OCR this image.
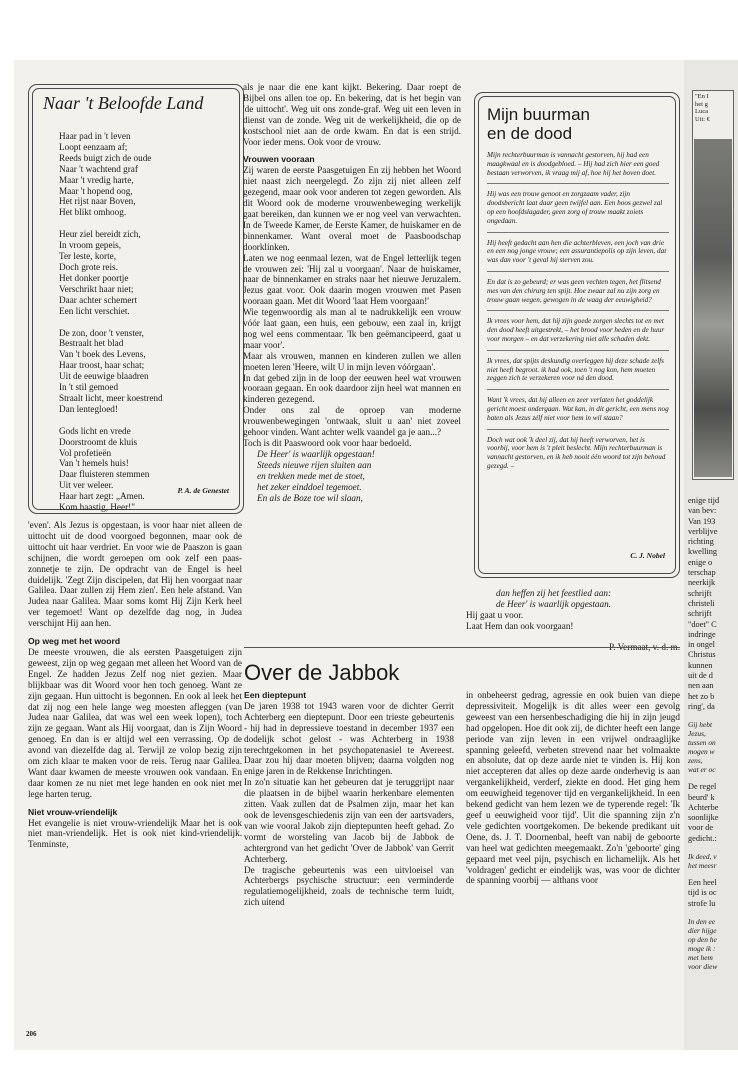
Naar 't Beloofde Land
Haar pad in 't leven
Loopt eenzaam af;
Reeds buigt zich de oude
Naar 't wachtend graf
Maar 't vredig harte,
Maar 't hopend oog,
Het rijst naar Boven,
Het blikt omhoog.
Heur ziel bereidt zich,
In vroom gepeis,
Ter leste, korte,
Doch grote reis.
Het donker poortje
Verschrikt haar niet;
Daar achter schemert
Een licht verschiet.
De zon, door 't venster,
Bestraalt het blad
Van 't boek des Levens,
Haar troost, haar schat;
Uit de eeuwige blaadren
In 't stil gemoed
Straalt licht, meer koestrend
Dan lentegloed!
Gods licht en vrede
Doorstroomt de kluis
Vol profetieën
Van 't hemels huis!
Daar fluisteren stemmen
Uit ver weleer.
Haar hart zegt: „Amen.
Kom haastig, Heer!"
P. A. de Genestet

'even'. Als Jezus is opgestaan, is voor haar niet alleen de uittocht uit de dood voorgoed begonnen, maar ook de uittocht uit haar verdriet. En voor wie de Paaszon is gaan schijnen, die wordt geroepen om ook zelf een paas-zonnetje te zijn. De opdracht van de Engel is heel duidelijk. 'Zegt Zijn discipelen, dat Hij hen voorgaat naar Galilea. Daar zullen zij Hem zien'. Een hele afstand. Van Judea naar Galilea. Maar soms komt Hij Zijn Kerk heel ver tegemoet! Want op dezelfde dag nog, in Judea verschijnt Hij aan hen.

Op weg met het woord

De meeste vrouwen, die als eersten Paasgetuigen zijn geweest, zijn op weg gegaan met alleen het Woord van de Engel. Ze hadden Jezus Zelf nog niet gezien. Maar blijkbaar was dit Woord voor hen toch genoeg. Want ze zijn gegaan. Hun uittocht is begonnen. En ook al leek het dat zij nog een hele lange weg moesten afleggen (van Judea naar Galilea, dat was wel een week lopen), toch zijn ze gegaan. Want als Hij voorgaat, dan is Zijn Woord genoeg. En dan is er altijd wel een verrassing. Op de avond van diezelfde dag al. Terwijl ze volop bezig zijn om zich klaar te maken voor de reis. Terug naar Galilea. Want daar kwamen de meeste vrouwen ook vandaan. En daar komen ze nu niet met lege handen en ook niet met lege harten terug.

Niet vrouw-vriendelijk

Het evangelie is niet vrouw-vriendelijk Maar het is ook niet man-vriendelijk. Het is ook niet kind-vriendelijk. Tenminste,

206

als je naar die ene kant kijkt. Bekering. Daar roept de Bijbel ons allen toe op. En bekering, dat is het begin van 'de uittocht'. Weg uit ons zonde-graf. Weg uit een leven in dienst van de zonde. Weg uit de werkelijkheid, die op de kostschool niet aan de orde kwam. En dat is een strijd. Voor ieder mens. Ook voor de vrouw.

Vrouwen vooraan

Zij waren de eerste Paasgetuigen En zij hebben het Woord niet naast zich neergelegd. Zo zijn zij niet alleen zelf gezegend, maar ook voor anderen tot zegen geworden. Als dit Woord ook de moderne vrouwenbeweging werkelijk gaat bereiken, dan kunnen we er nog veel van verwachten. In de Tweede Kamer, de Eerste Kamer, de huiskamer en de binnenkamer. Want overal moet de Paasboodschap doorklinken.

Laten we nog eenmaal lezen, wat de Engel letterlijk tegen de vrouwen zei: 'Hij zal u voorgaan'. Naar de huiskamer, naar de binnenkamer en straks naar het nieuwe Jeruzalem. Jezus gaat voor. Ook daarin mogen vrouwen met Pasen vooraan gaan. Met dit Woord 'laat Hem voorgaan!'

Wie tegenwoordig als man al te nadrukkelijk een vrouw vóór laat gaan, een huis, een gebouw, een zaal in, krijgt nog wel eens commentaar. 'Ik ben geëmancipeerd, gaat u maar voor'.

Maar als vrouwen, mannen en kinderen zullen we allen moeten leren 'Heere, wilt U in mijn leven vóórgaan'.

In dat gebed zijn in de loop der eeuwen heel wat vrouwen vooraan gegaan. En ook daardoor zijn heel wat mannen en kinderen gezegend.

Onder ons zal de oproep van moderne vrouwenbewegingen 'ontwaak, sluit u aan' niet zoveel gehoor vinden. Want achter welk vaandel ga je aan...?

Toch is dit Paaswoord ook voor haar bedoeld.

De Heer' is waarlijk opgestaan!
Steeds nieuwe rijen sluiten aan
en trekken mede met de stoet,
het zeker einddoel tegemoet.
En als de Boze toe wil slaan,
Mijn buurman
en de dood

Mijn rechterbuurman is vannacht gestorven, hij had een maagkwaal en is doodgebloed. – Hij had zich hier een goed bestaan verworven, ik vraag mij af, hoe hij het boven doet.

Hij was een trouw genoot en zorgzaam vader, zijn doodsbericht laat daar geen twijfel aan. Een boos gezwel zal op een hoofdslagader, geen zorg of trouw maakt zoiets ongedaan.

Hij heeft gedacht aan hen die achterbleven, een joch van drie en een nog jonge vrouw; een assurantiepolis op zijn leven, dat was dan voor 't geval hij sterven zou.

En dat is zo gebeurd; er was geen vechten tegen, het flitsend mes van den chirurg ten spijt. Hoe zwaar zal nu zijn zorg en trouw gaan wegen, gewogen in de waag der eeuwigheid?

Ik vrees voor hem, dat hij zijn goede zorgen slechts tot en met den dood heeft uitgestrekt, – het brood voor heden en de huur voor morgen – en dat verzekering niet alle schaden dekt.

Ik vrees, dat spijts deskundig overleggen hij deze schade zelfs niet heeft begroot. ik had ook, toen 't nog kon, hem moeten zeggen zich te verzekeren voor ná den dood.

Want 'k vrees, dat hij alleen en zeer verlaten het goddelijk gericht moest ondergaan. Wat kan, in dit gericht, een mens nog baten als Jezus zélf niet voor hem in wil staan?

Doch wat ook 'k deel zij, dat hij heeft verworven, het is voorbij, voor hem is 't pleit beslecht. Mijn rechterbuurman is vannacht gestorven, en ik heb nooit één woord tot zijn behoud gezegd. –

C. J. Nobel
dan heffen zij het feestlied aan:
de Heer' is waarlijk opgestaan.
Hij gaat u voor.
Laat Hem dan ook voorgaan!
P. Vermaat, v. d. m.
Over de Jabbok
Een dieptepunt

De jaren 1938 tot 1943 waren voor de dichter Gerrit Achterberg een dieptepunt. Door een trieste gebeurtenis - hij had in depressieve toestand in december 1937 een dodelijk schot gelost - was Achterberg in 1938 terechtgekomen in het psychopatenasiel te Avereest. Daar zou hij daar moeten blijven; daarna volgden nog enige jaren in de Rekkense Inrichtingen.

In zo'n situatie kan het gebeuren dat je teruggrijpt naar die plaatsen in de bijbel waarin herkenbare elementen zitten. Vaak zullen dat de Psalmen zijn, maar het kan ook de levensgeschiedenis zijn van een der aartsvaders, van wie vooral Jakob zijn dieptepunten heeft gehad. Zo vormt de worsteling van Jacob bij de Jabbok de achtergrond van het gedicht 'Over de Jabbok' van Gerrit Achterberg.

De tragische gebeurtenis was een uitvloeisel van Achterbergs psychische structuur: een verminderde regulatiemogelijkheid, zoals de technische term luidt, zich uitend

in onbeheerst gedrag, agressie en ook buien van diepe depressiviteit. Mogelijk is dit alles weer een gevolg geweest van een hersenbeschadiging die hij in zijn jeugd had opgelopen. Hoe dit ook zij, de dichter heeft een lange periode van zijn leven in een vrijwel ondraaglijke spanning geleefd, verbeten strevend naar het volmaakte en absolute, dat op deze aarde niet te vinden is. Hij kon niet accepteren dat alles op deze aarde onderhevig is aan vergankelijkheid, verderf, ziekte en dood. Het ging hem om eeuwigheid tegenover tijd en vergankelijkheid. In een bekend gedicht van hem lezen we de typerende regel: 'Ik geef u eeuwigheid voor tijd'. Uit die spanning zijn z'n vele gedichten voortgekomen. De bekende predikant uit Oene, ds. J. T. Doornenbal, heeft van nabij de geboorte van heel wat gedichten meegemaakt. Zo'n 'geboorte' ging gepaard met veel pijn, psychisch en lichamelijk. Als het 'voldragen' gedicht er eindelijk was, was voor de dichter de spanning voorbij — althans voor

"En I
het g
Luca
Uit: €
enige tijd
van bev:
Van 193
verblijve
richting
kwelling
enige o
terschap
neerkijk
schrijft
christeli
schrijft
"doet" C
indringe
in ongel
Christus
kunnen
uit de d
nen aan
het zo b
ring', da
Gij hebt
Jezus,
tussen on
mogen w
zens,
wat er oc
De regel
beurd' k
Achterbe
soonlijke
voor de
gedicht.:
Ik deed, v
het meesr
Een heel
tijd is oc
strofe lu
In den ee
dier hijge
op den he
moge ik :
met hem
voor diew
